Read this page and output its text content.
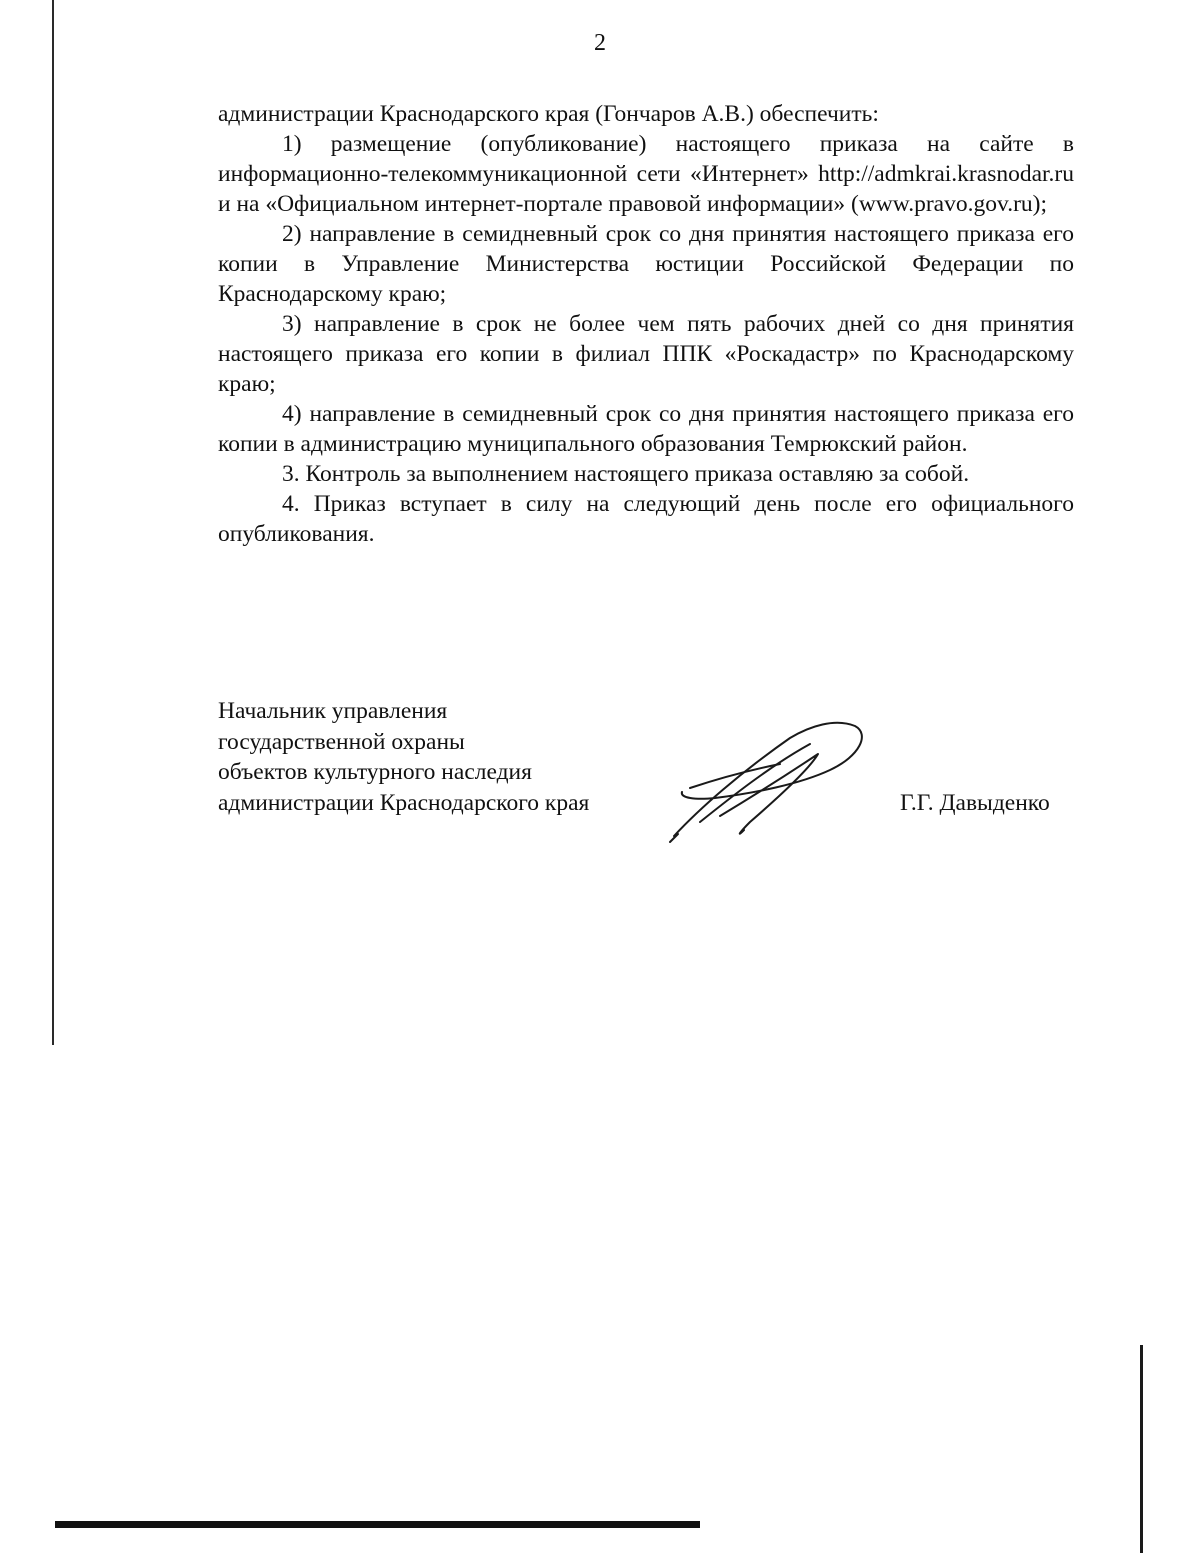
2

администрации Краснодарского края (Гончаров А.В.) обеспечить:

1) размещение (опубликование) настоящего приказа на сайте в информационно-телекоммуникационной сети «Интернет» http://admkrai.krasnodar.ru и на «Официальном интернет-портале правовой информации» (www.pravo.gov.ru);

2) направление в семидневный срок со дня принятия настоящего приказа его копии в Управление Министерства юстиции Российской Федерации по Краснодарскому краю;

3) направление в срок не более чем пять рабочих дней со дня принятия настоящего приказа его копии в филиал ППК «Роскадастр» по Краснодарскому краю;

4) направление в семидневный срок со дня принятия настоящего приказа его копии в администрацию муниципального образования Темрюкский район.

3. Контроль за выполнением настоящего приказа оставляю за собой.

4. Приказ вступает в силу на следующий день после его официального опубликования.

Начальник управления
государственной охраны
объектов культурного наследия
администрации Краснодарского края	Г.Г. Давыденко
